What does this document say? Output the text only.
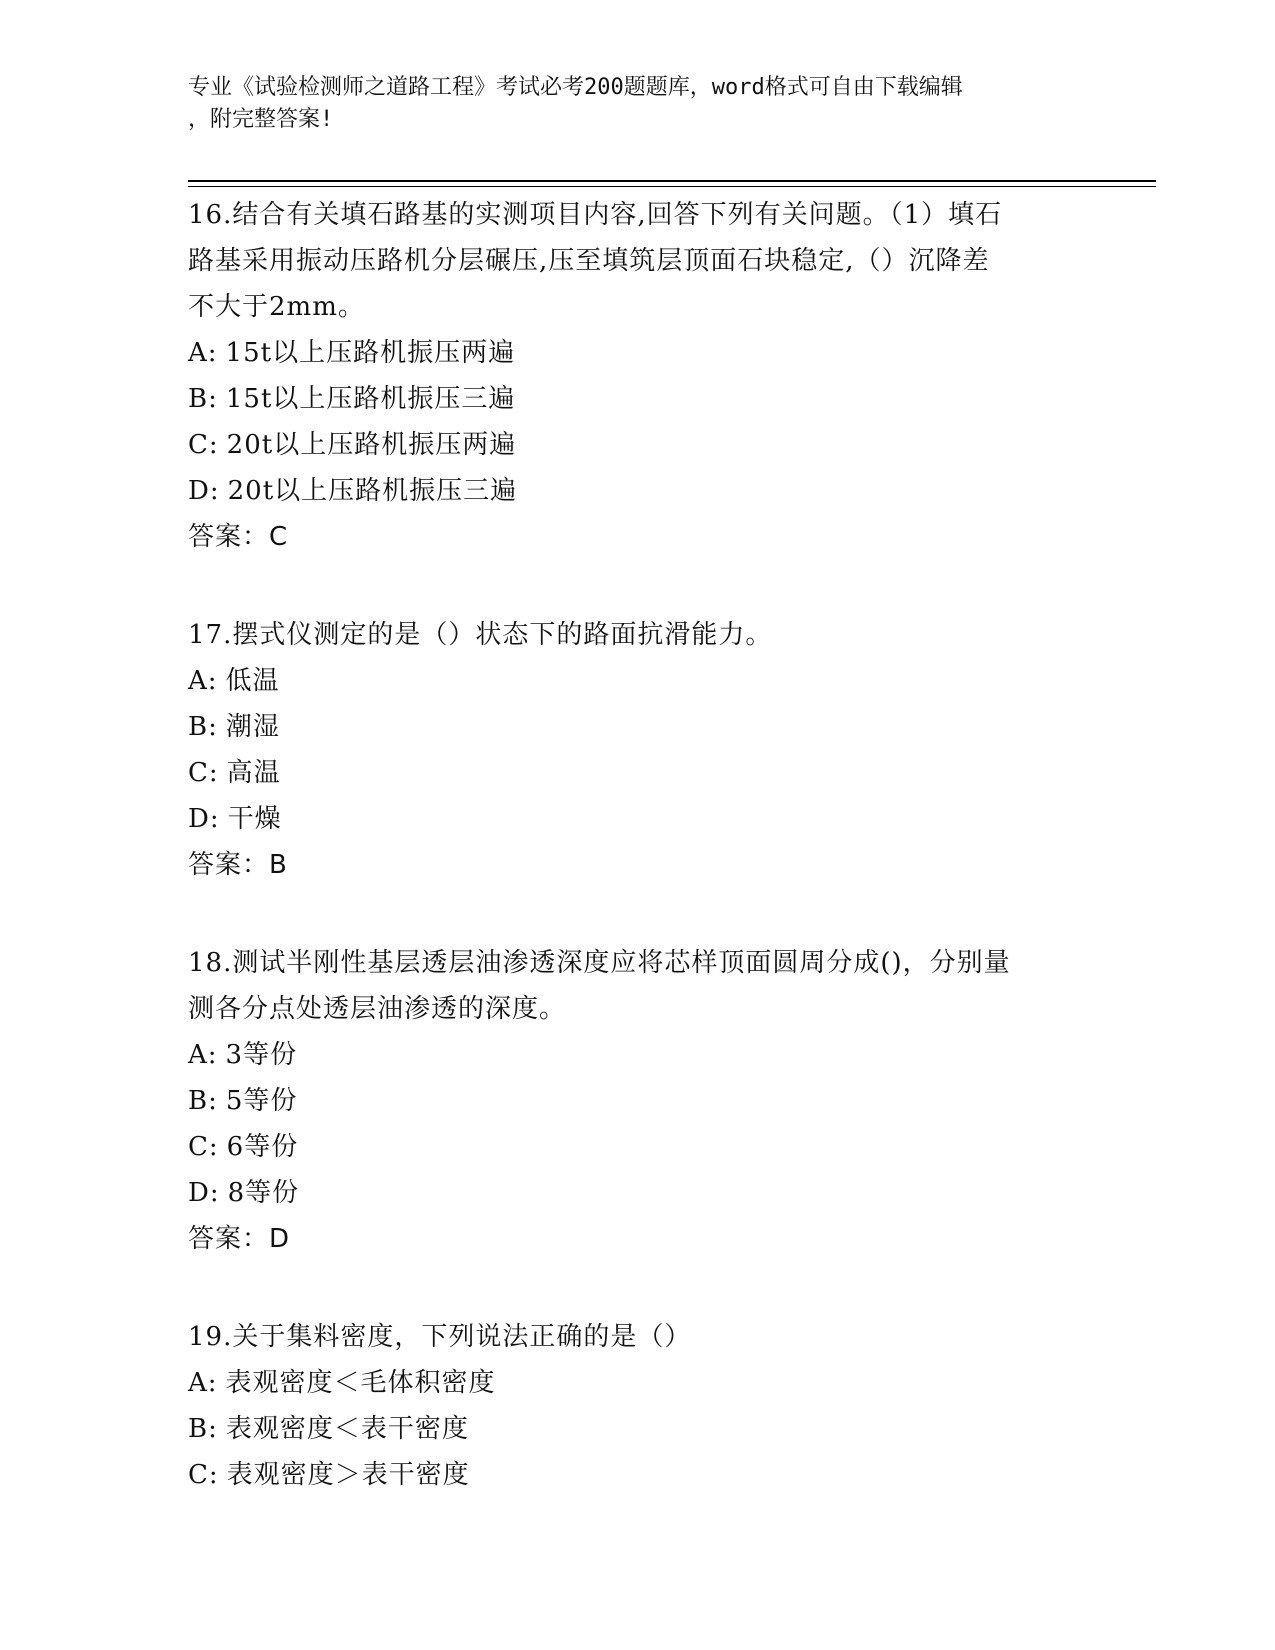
专业《试验检测师之道路工程》考试必考200题题库，word格式可自由下载编辑
，附完整答案!
16.结合有关填石路基的实测项目内容,回答下列有关问题。（1）填石
路基采用振动压路机分层碾压,压至填筑层顶面石块稳定,（）沉降差
不大于2mm。
A: 15t以上压路机振压两遍
B: 15t以上压路机振压三遍
C: 20t以上压路机振压两遍
D: 20t以上压路机振压三遍
答案：C
17.摆式仪测定的是（）状态下的路面抗滑能力。
A: 低温
B: 潮湿
C: 高温
D: 干燥
答案：B
18.测试半刚性基层透层油渗透深度应将芯样顶面圆周分成()，分别量
测各分点处透层油渗透的深度。
A: 3等份
B: 5等份
C: 6等份
D: 8等份
答案：D
19.关于集料密度，下列说法正确的是（）
A: 表观密度＜毛体积密度
B: 表观密度＜表干密度
C: 表观密度＞表干密度
